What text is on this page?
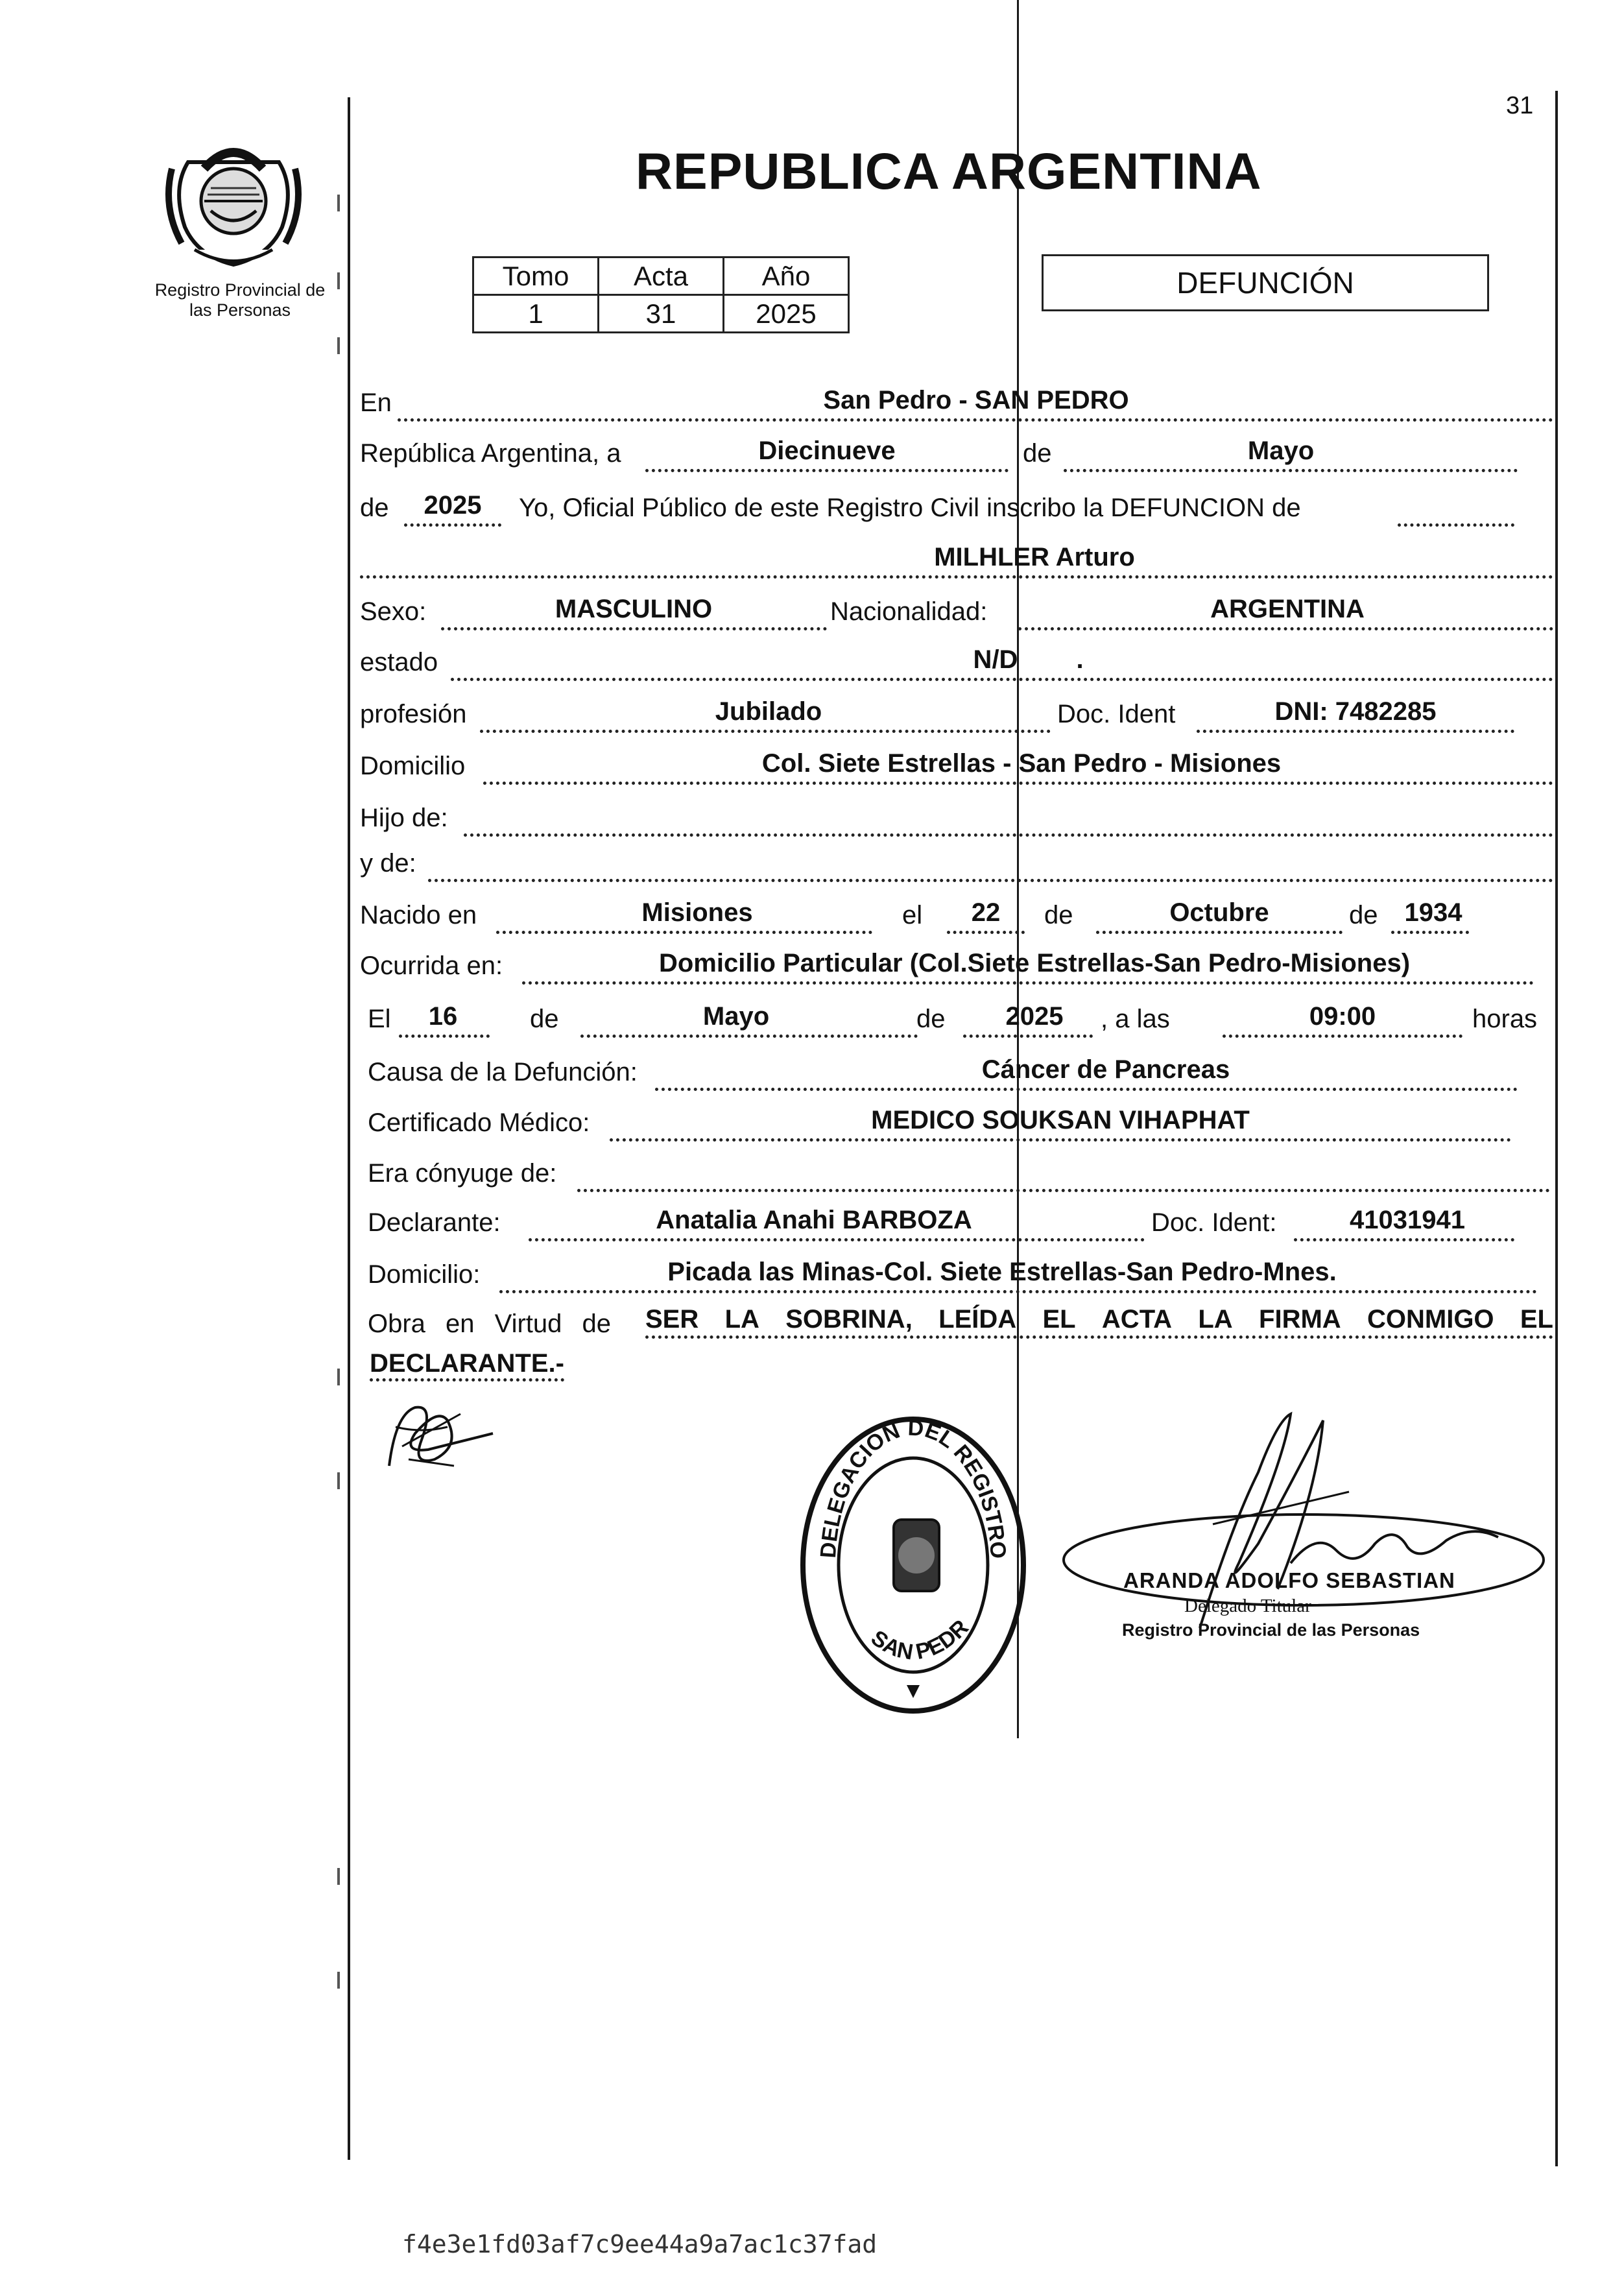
31
Registro Provincial de
las Personas
REPUBLICA ARGENTINA
Tomo	Acta	Año
1	31	2025
DEFUNCIÓN
En	San Pedro - SAN PEDRO
República Argentina, a	Diecinueve	de	Mayo
de 2025 Yo, Oficial Público de este Registro Civil inscribo la DEFUNCION de
MILHLER Arturo
Sexo:	MASCULINO	Nacionalidad:	ARGENTINA
estado	N/D .
profesión	Jubilado	Doc. Ident	DNI: 7482285
Domicilio	Col. Siete Estrellas - San Pedro - Misiones
Hijo de:
y de:
Nacido en	Misiones	el 22 de	Octubre	de 1934
Ocurrida en:	Domicilio Particular (Col.Siete Estrellas-San Pedro-Misiones)
El 16	de	Mayo	de 2025 , a las	09:00	horas
Causa de la Defunción:	Cáncer de Pancreas
Certificado Médico:	MEDICO SOUKSAN VIHAPHAT
Era cónyuge de:
Declarante:	Anatalia Anahi BARBOZA	Doc. Ident:	41031941
Domicilio:	Picada las Minas-Col. Siete Estrellas-San Pedro-Mnes.
Obra en Virtud de SER LA SOBRINA, LEÍDA EL ACTA LA FIRMA CONMIGO EL
DECLARANTE.-
DELEGACION DEL REGISTRO
SAN PEDR
ARANDA ADOLFO SEBASTIAN
Delegado Titular
Registro Provincial de las Personas
f4e3e1fd03af7c9ee44a9a7ac1c37fad
